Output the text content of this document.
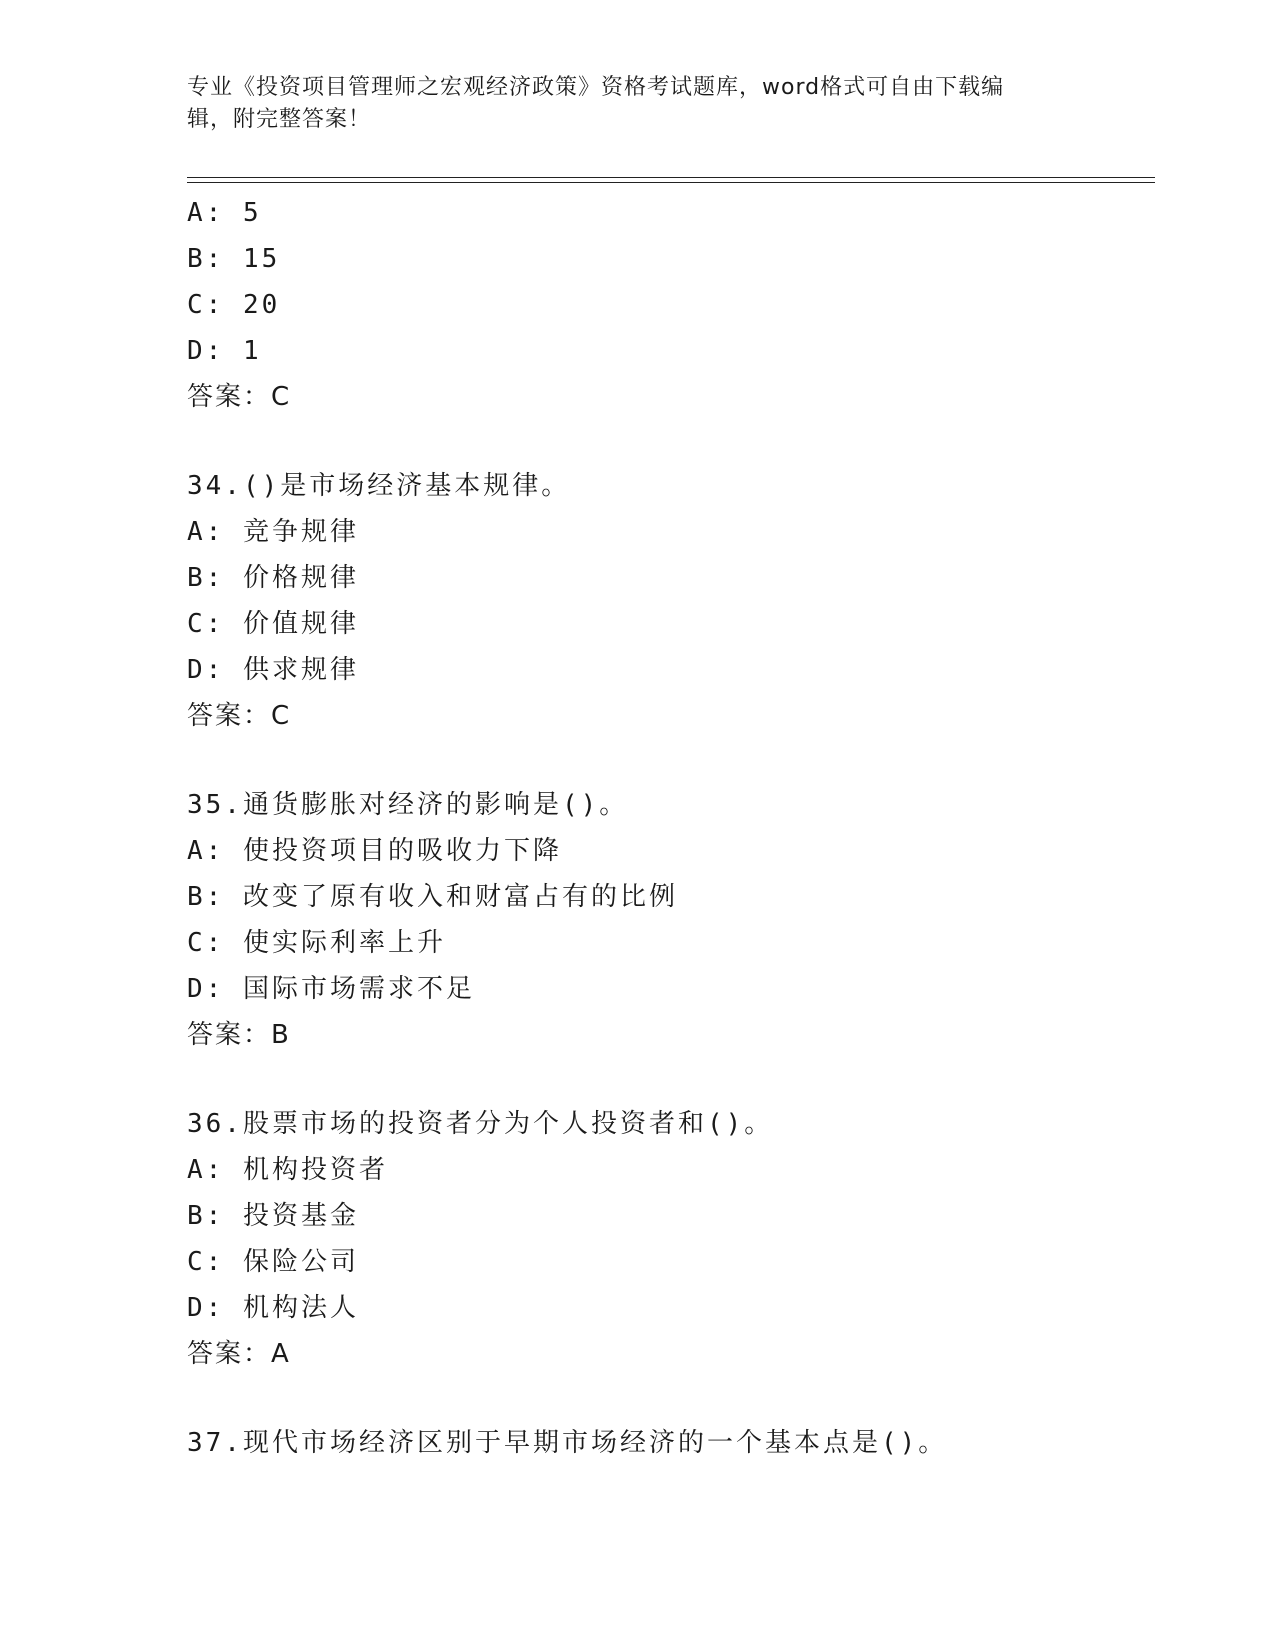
专业《投资项目管理师之宏观经济政策》资格考试题库，word格式可自由下载编
辑，附完整答案！
A: 5
B: 15
C: 20
D: 1
答案：C
34.()是市场经济基本规律。
A: 竞争规律
B: 价格规律
C: 价值规律
D: 供求规律
答案：C
35.通货膨胀对经济的影响是()。
A: 使投资项目的吸收力下降
B: 改变了原有收入和财富占有的比例
C: 使实际利率上升
D: 国际市场需求不足
答案：B
36.股票市场的投资者分为个人投资者和()。
A: 机构投资者
B: 投资基金
C: 保险公司
D: 机构法人
答案：A
37.现代市场经济区别于早期市场经济的一个基本点是()。
